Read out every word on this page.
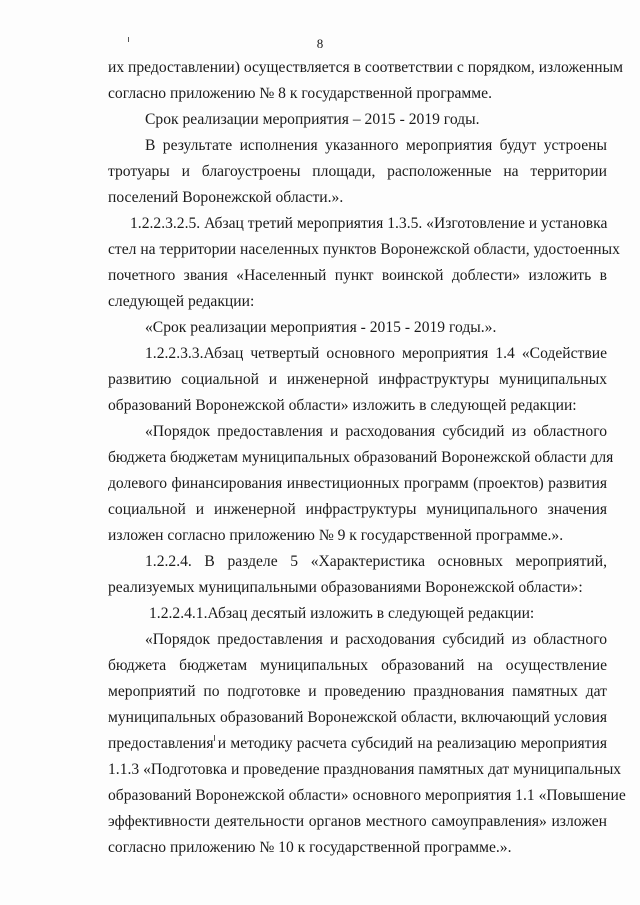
8

их предоставлении) осуществляется в соответствии с порядком, изложенным
согласно приложению № 8 к государственной программе.

Срок реализации мероприятия – 2015 - 2019 годы.

В результате исполнения указанного мероприятия будут устроены
тротуары и благоустроены площади, расположенные на территории
поселений Воронежской области.».

1.2.2.3.2.5. Абзац третий мероприятия 1.3.5. «Изготовление и установка
стел на территории населенных пунктов Воронежской области, удостоенных
почетного звания «Населенный пункт воинской доблести» изложить в
следующей редакции:

«Срок реализации мероприятия - 2015 - 2019 годы.».

1.2.2.3.3.Абзац четвертый основного мероприятия 1.4 «Содействие
развитию социальной и инженерной инфраструктуры муниципальных
образований Воронежской области» изложить в следующей редакции:

«Порядок предоставления и расходования субсидий из областного
бюджета бюджетам муниципальных образований Воронежской области для
долевого финансирования инвестиционных программ (проектов) развития
социальной и инженерной инфраструктуры муниципального значения
изложен согласно приложению № 9 к государственной программе.».

1.2.2.4. В разделе 5 «Характеристика основных мероприятий,
реализуемых муниципальными образованиями Воронежской области»:

1.2.2.4.1.Абзац десятый изложить в следующей редакции:

«Порядок предоставления и расходования субсидий из областного
бюджета бюджетам муниципальных образований на осуществление
мероприятий по подготовке и проведению празднования памятных дат
муниципальных образований Воронежской области, включающий условия
предоставления и методику расчета субсидий на реализацию мероприятия
1.1.3 «Подготовка и проведение празднования памятных дат муниципальных
образований Воронежской области» основного мероприятия 1.1 «Повышение
эффективности деятельности органов местного самоуправления» изложен
согласно приложению № 10 к государственной программе.».
